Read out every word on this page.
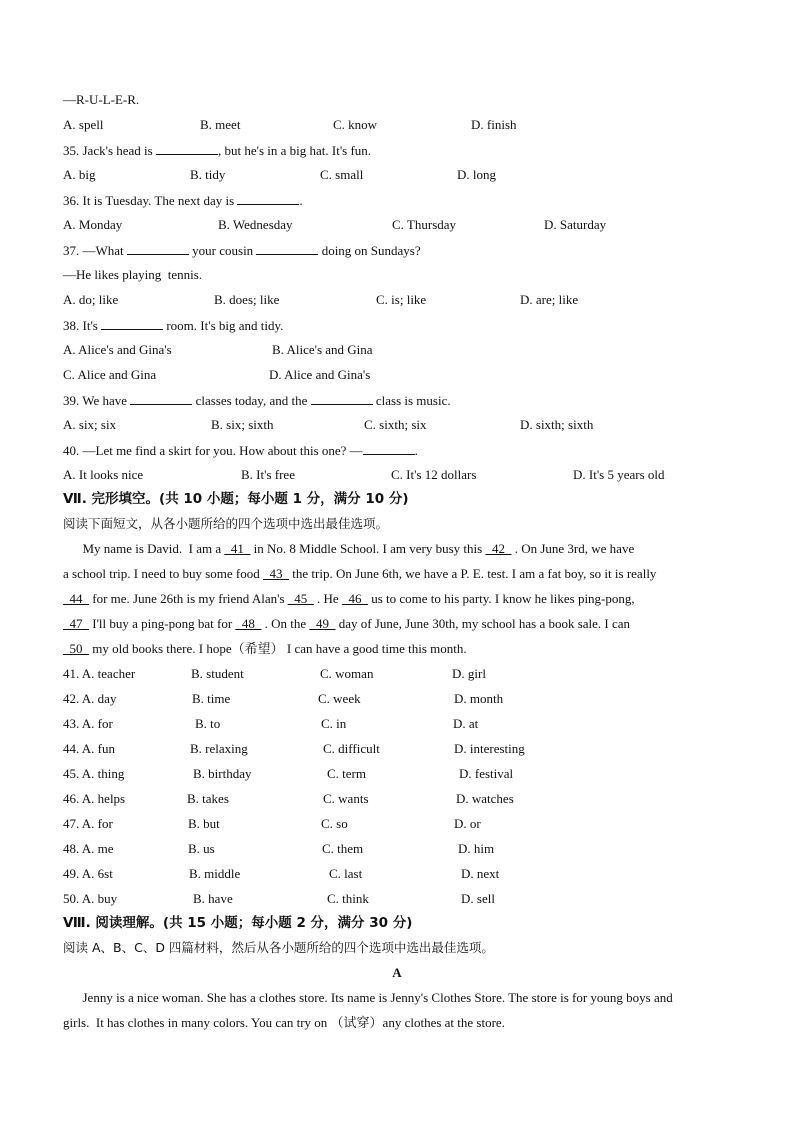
—R-U-L-E-R.
A. spell	B. meet	C. know	D. finish
35. Jack's head is	, but he's in a big hat. It's fun.
A. big	B. tidy	C. small	D. long
36. It is Tuesday. The next day is	.
A. Monday	B. Wednesday	C. Thursday	D. Saturday
37. —What	your cousin	doing on Sundays?
—He likes playing  tennis.
A. do; like	B. does; like	C. is; like	D. are; like
38. It's	room. It's big and tidy.
A. Alice's and Gina's	B. Alice's and Gina
C. Alice and Gina	D. Alice and Gina's
39. We have	classes today, and the	class is music.
A. six; six	B. six; sixth	C. sixth; six	D. sixth; sixth
40. —Let me find a skirt for you. How about this one? —	.
A. It looks nice	B. It's free	C. It's 12 dollars	D. It's 5 years old
Ⅶ. 完形填空。(共 10 小题；每小题 1 分，满分 10 分)
阅读下面短文，从各小题所给的四个选项中选出最佳选项。
My name is David.  I am a _41_ in No. 8 Middle School. I am very busy this _42_ . On June 3rd, we have
a school trip. I need to buy some food _43_ the trip. On June 6th, we have a P. E. test. I am a fat boy, so it is really
_44_ for me. June 26th is my friend Alan's _45_ . He _46_ us to come to his party. I know he likes ping-pong,
_47_ I'll buy a ping-pong bat for _48_ . On the _49_ day of June, June 30th, my school has a book sale. I can
_50_ my old books there. I hope（希望） I can have a good time this month.
41. A. teacher	B. student	C. woman	D. girl
42. A. day	B. time	C. week	D. month
43. A. for	B. to	C. in	D. at
44. A. fun	B. relaxing	C. difficult	D. interesting
45. A. thing	B. birthday	C. term	D. festival
46. A. helps	B. takes	C. wants	D. watches
47. A. for	B. but	C. so	D. or
48. A. me	B. us	C. them	D. him
49. A. 6st	B. middle	C. last	D. next
50. A. buy	B. have	C. think	D. sell
Ⅷ. 阅读理解。(共 15 小题；每小题 2 分，满分 30 分)
阅读 A、B、C、D 四篇材料，然后从各小题所给的四个选项中选出最佳选项。
A
Jenny is a nice woman. She has a clothes store. Its name is Jenny's Clothes Store. The store is for young boys and
girls.  It has clothes in many colors. You can try on （试穿）any clothes at the store.
